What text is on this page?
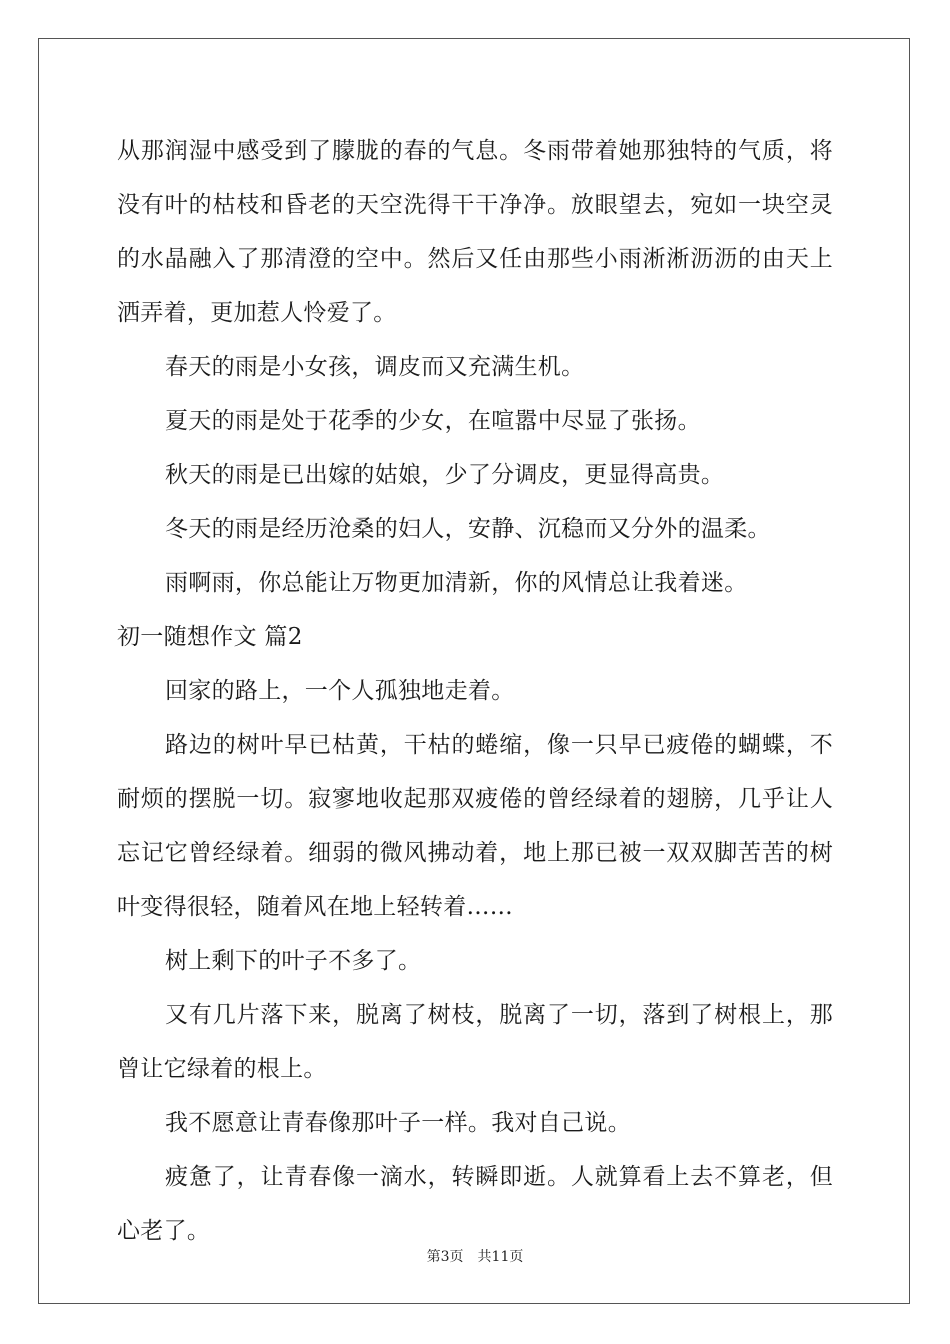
从那润湿中感受到了朦胧的春的气息。冬雨带着她那独特的气质，将
没有叶的枯枝和昏老的天空洗得干干净净。放眼望去，宛如一块空灵
的水晶融入了那清澄的空中。然后又任由那些小雨淅淅沥沥的由天上
洒弄着，更加惹人怜爱了。
春天的雨是小女孩，调皮而又充满生机。
夏天的雨是处于花季的少女，在喧嚣中尽显了张扬。
秋天的雨是已出嫁的姑娘，少了分调皮，更显得高贵。
冬天的雨是经历沧桑的妇人，安静、沉稳而又分外的温柔。
雨啊雨，你总能让万物更加清新，你的风情总让我着迷。
初一随想作文 篇2
回家的路上，一个人孤独地走着。
路边的树叶早已枯黄，干枯的蜷缩，像一只早已疲倦的蝴蝶，不
耐烦的摆脱一切。寂寥地收起那双疲倦的曾经绿着的翅膀，几乎让人
忘记它曾经绿着。细弱的微风拂动着，地上那已被一双双脚苦苦的树
叶变得很轻，随着风在地上轻转着……
树上剩下的叶子不多了。
又有几片落下来，脱离了树枝，脱离了一切，落到了树根上，那
曾让它绿着的根上。
我不愿意让青春像那叶子一样。我对自己说。
疲惫了，让青春像一滴水，转瞬即逝。人就算看上去不算老，但
心老了。
第3页 共11页
